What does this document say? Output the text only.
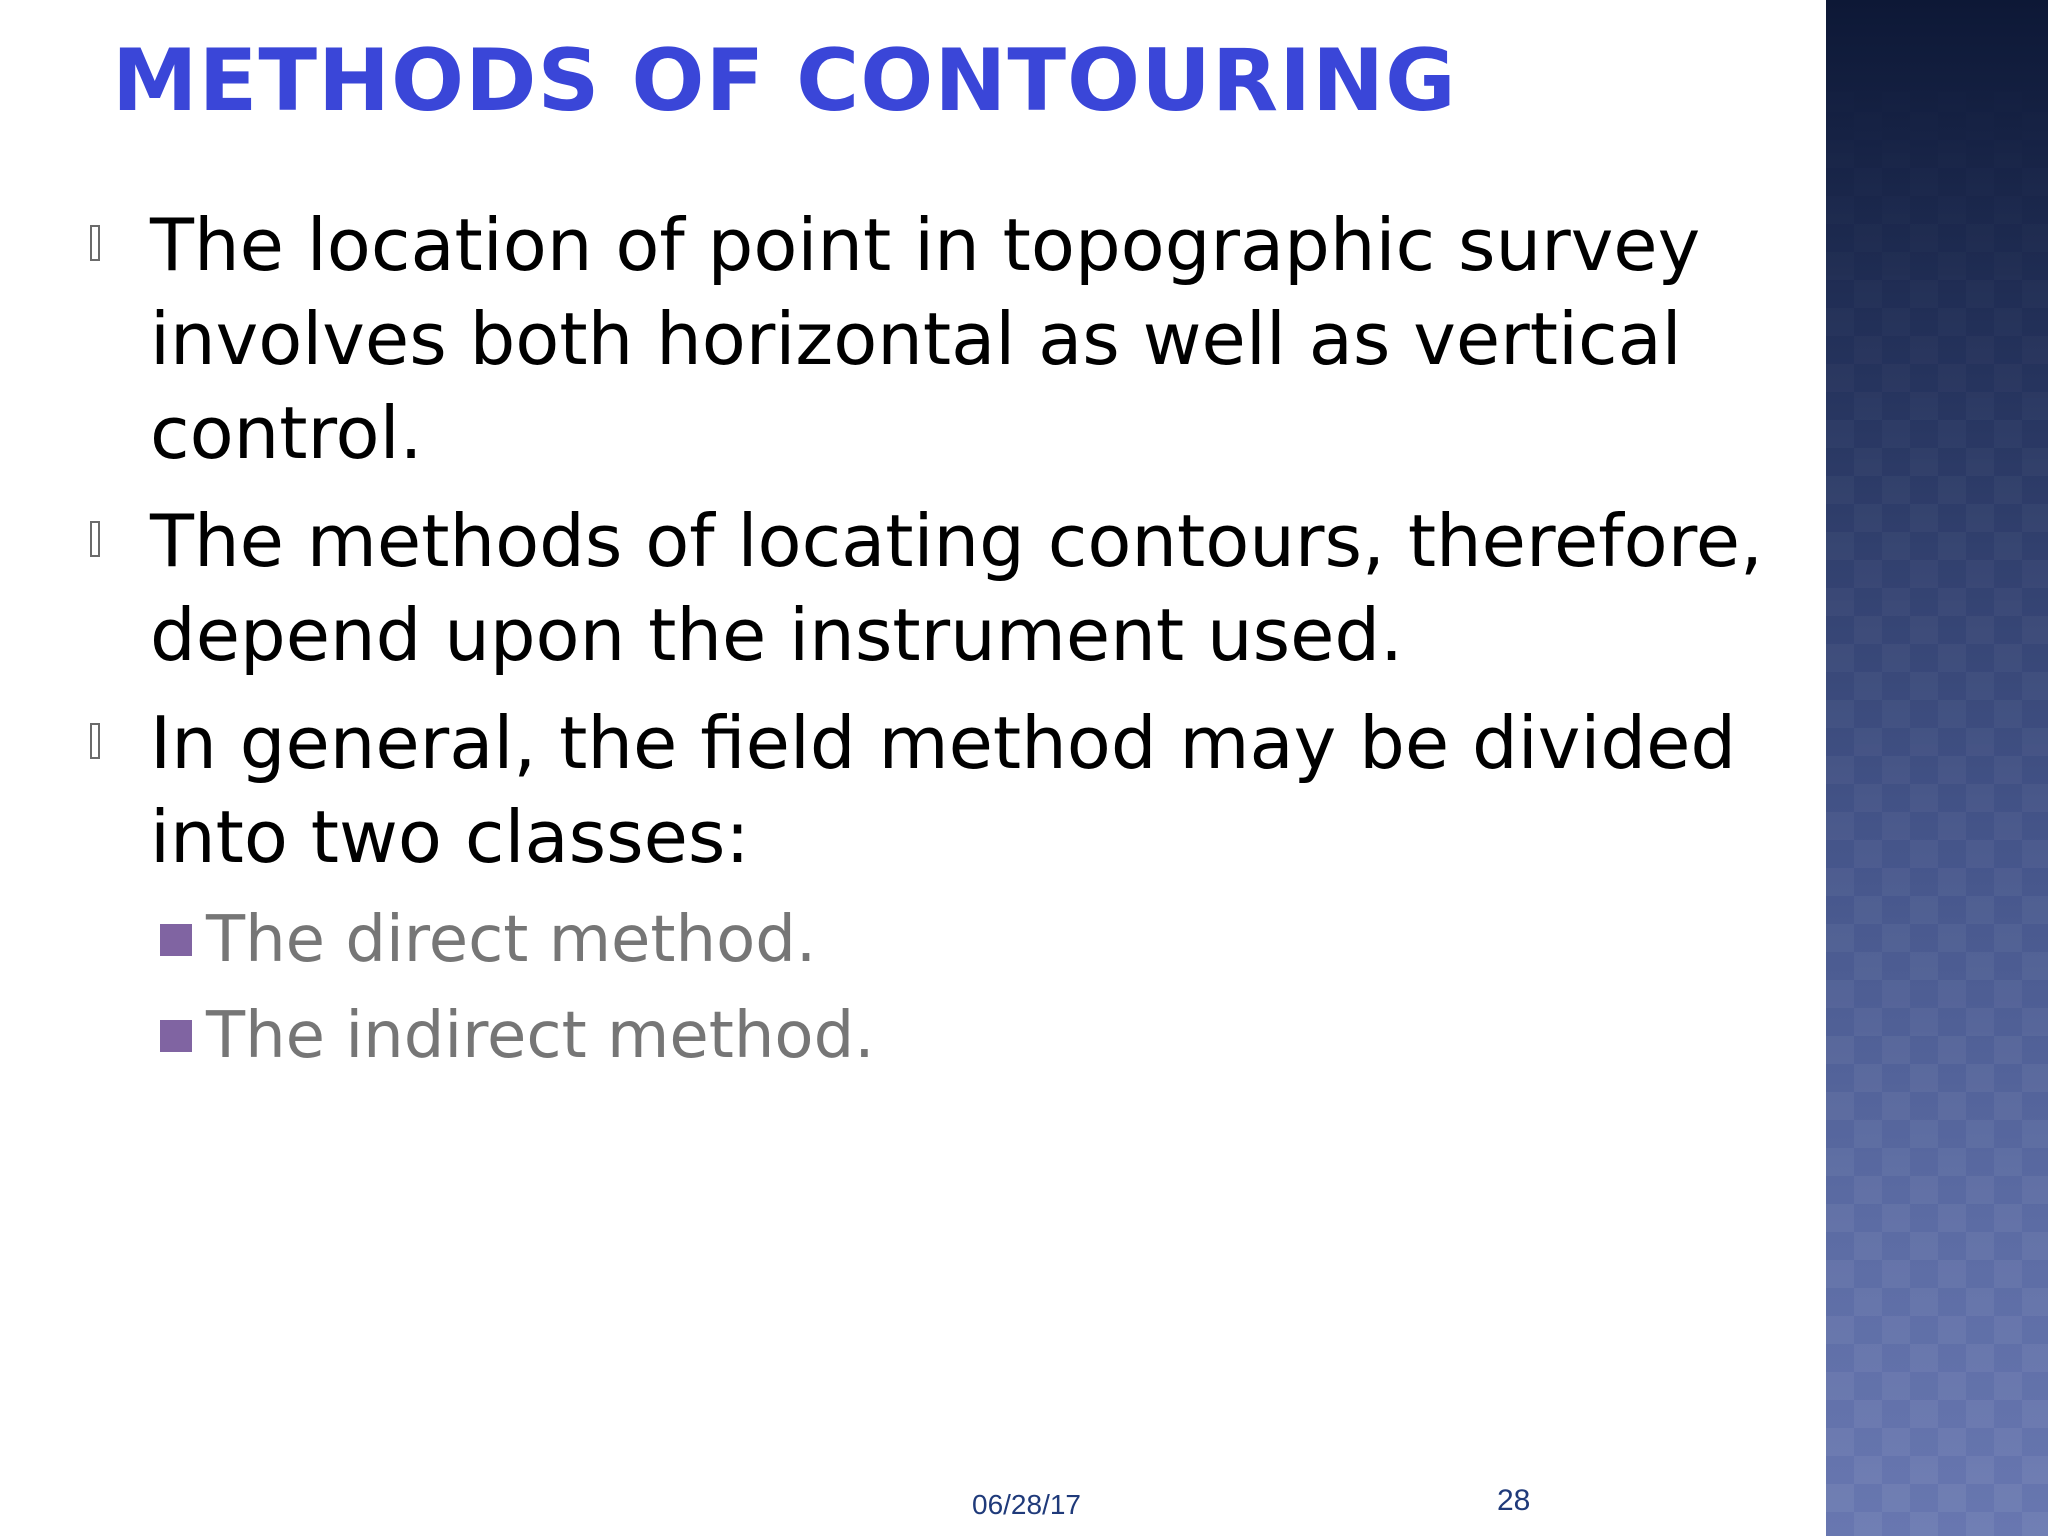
METHODS OF CONTOURING
The location of point in topographic survey involves both horizontal as well as vertical control.
The methods of locating contours, therefore, depend upon the instrument used.
In general, the field method may be divided into two classes:
The direct method.
The indirect method.
06/28/17	28
